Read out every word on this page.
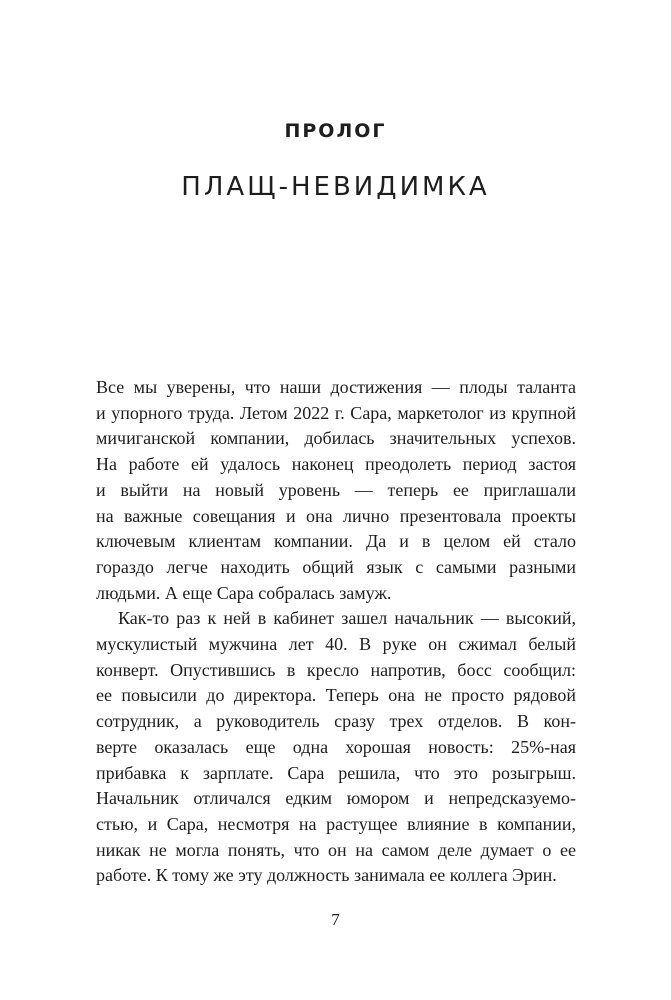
ПРОЛОГ
ПЛАЩ-НЕВИДИМКА
Все мы уверены, что наши достижения — плоды таланта
и упорного труда. Летом 2022 г. Сара, маркетолог из крупной
мичиганской компании, добилась значительных успехов.
На работе ей удалось наконец преодолеть период застоя
и выйти на новый уровень — теперь ее приглашали
на важные совещания и она лично презентовала проекты
ключевым клиентам компании. Да и в целом ей стало
гораздо легче находить общий язык с самыми разными
людьми. А еще Сара собралась замуж.
Как-то раз к ней в кабинет зашел начальник — высокий,
мускулистый мужчина лет 40. В руке он сжимал белый
конверт. Опустившись в кресло напротив, босс сообщил:
ее повысили до директора. Теперь она не просто рядовой
сотрудник, а руководитель сразу трех отделов. В кон-
верте оказалась еще одна хорошая новость: 25%-ная
прибавка к зарплате. Сара решила, что это розыгрыш.
Начальник отличался едким юмором и непредсказуемо-
стью, и Сара, несмотря на растущее влияние в компании,
никак не могла понять, что он на самом деле думает о ее
работе. К тому же эту должность занимала ее коллега Эрин.
7
